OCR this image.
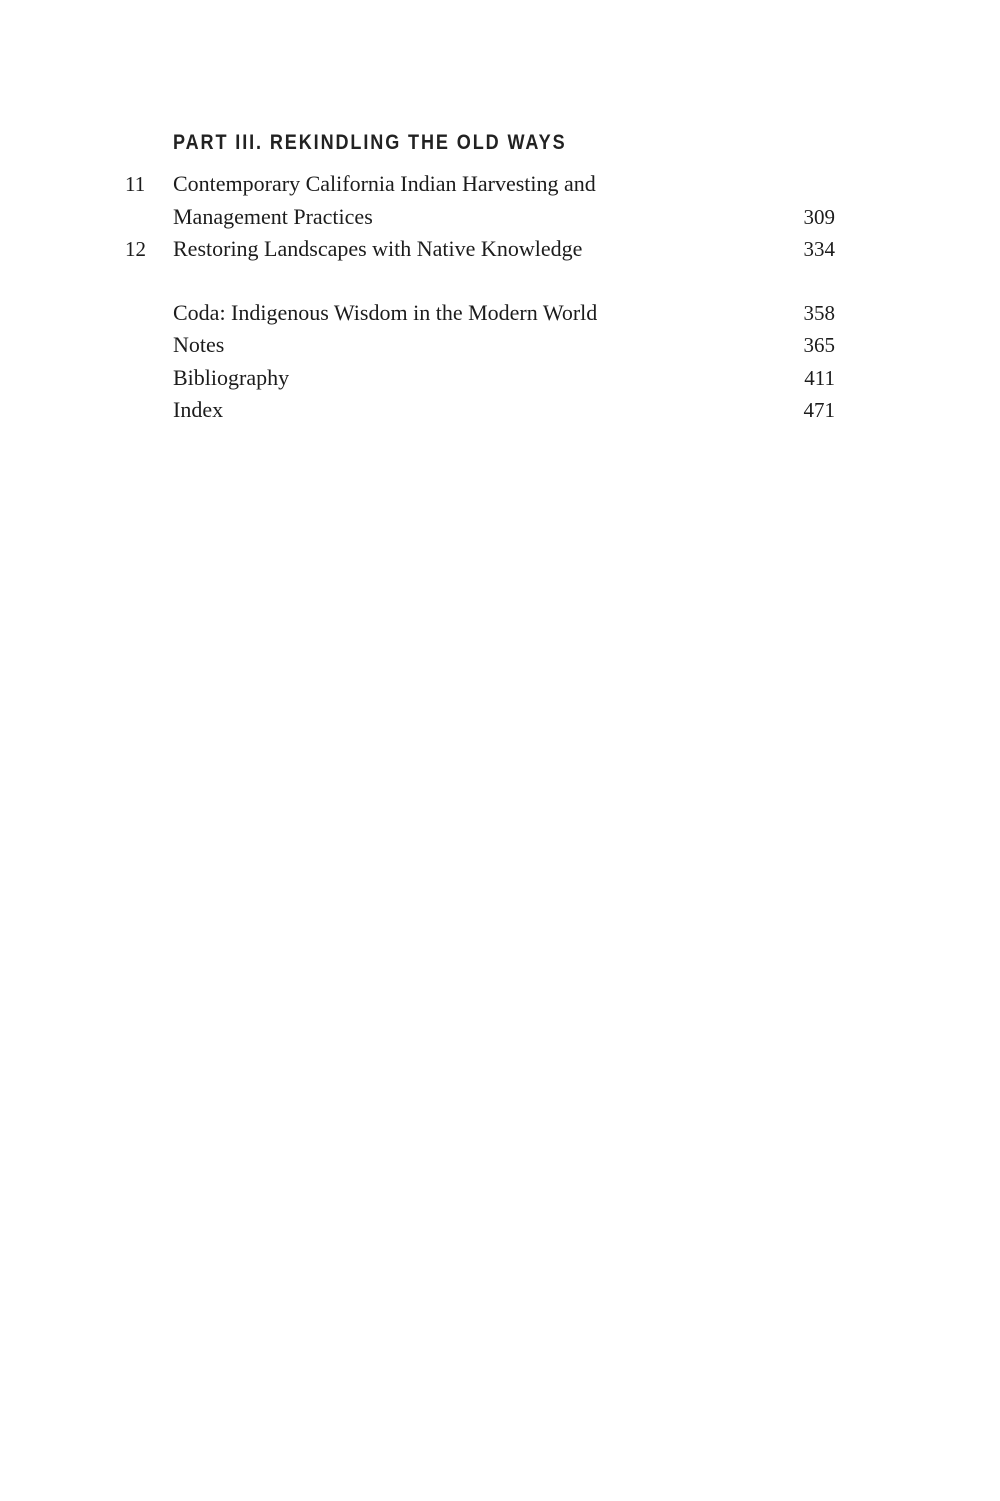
PART III. REKINDLING THE OLD WAYS
11	Contemporary California Indian Harvesting and
Management Practices	309
12	Restoring Landscapes with Native Knowledge	334
Coda: Indigenous Wisdom in the Modern World	358
Notes	365
Bibliography	411
Index	471
